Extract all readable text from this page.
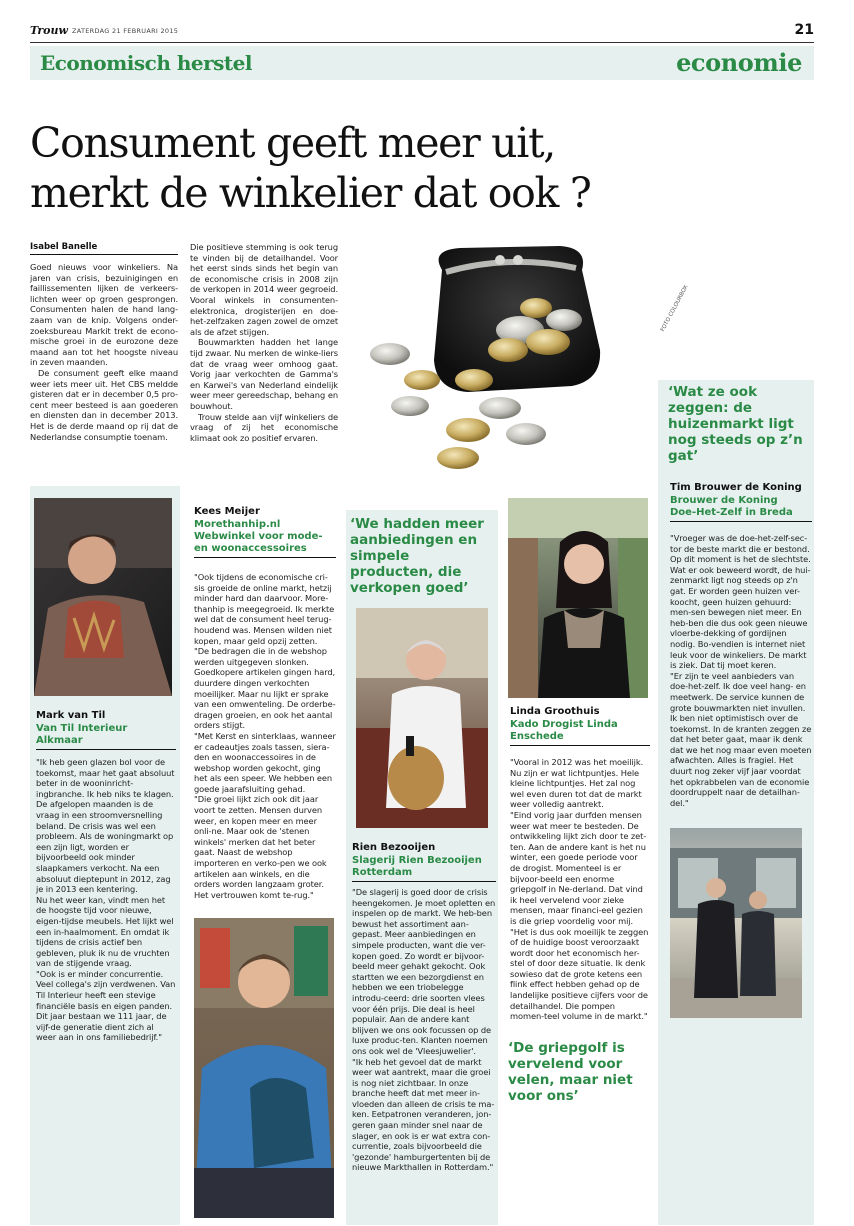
Trouw ZATERDAG 21 FEBRUARI 2015	21
Economisch herstel	economie
Consument geeft meer uit,
merkt de winkelier dat ook ?
Isabel Banelle

Goed nieuws voor winkeliers. Na jaren van crisis, bezuinigingen en faillissementen lijken de verkeers-lichten weer op groen gesprongen. Consumenten halen de hand lang-zaam van de knip. Volgens onder-zoeksbureau Markit trekt de econo-mische groei in de eurozone deze maand aan tot het hoogste niveau in zeven maanden.

De consument geeft elke maand weer iets meer uit. Het CBS meldde gisteren dat er in december 0,5 pro-cent meer besteed is aan goederen en diensten dan in december 2013. Het is de derde maand op rij dat de Nederlandse consumptie toenam.

Die positieve stemming is ook terug te vinden bij de detailhandel. Voor het eerst sinds sinds het begin van de economische crisis in 2008 zijn de verkopen in 2014 weer gegroeid. Vooral winkels in consumenten-elektronica, drogisterijen en doe-het-zelfzaken zagen zowel de omzet als de afzet stijgen.

Bouwmarkten hadden het lange tijd zwaar. Nu merken de winke-liers dat de vraag weer omhoog gaat. Vorig jaar verkochten de Gamma's en Karwei's van Nederland eindelijk weer meer gereedschap, behang en bouwhout.

Trouw stelde aan vijf winkeliers de vraag of zij het economische klimaat ook zo positief ervaren.

FOTO COLOURBOX
‘Wat ze ook zeggen: de huizenmarkt ligt nog steeds op z’n gat’
Tim Brouwer de Koning
Brouwer de Koning
Doe-Het-Zelf in Breda

"Vroeger was de doe-het-zelf-sec-tor de beste markt die er bestond. Op dit moment is het de slechtste. Wat er ook beweerd wordt, de hui-zenmarkt ligt nog steeds op z'n gat. Er worden geen huizen ver-koocht, geen huizen gehuurd: men-sen bewegen niet meer. En heb-ben die dus ook geen nieuwe vloerbe-dekking of gordijnen nodig. Bo-vendien is internet niet leuk voor de winkeliers. De markt is ziek. Dat tij moet keren.

"Er zijn te veel aanbieders van doe-het-zelf. Ik doe veel hang- en meetwerk. De service kunnen de grote bouwmarkten niet invullen. Ik ben niet optimistisch over de toekomst. In de kranten zeggen ze dat het beter gaat, maar ik denk dat we het nog maar even moeten afwachten. Alles is fragiel. Het duurt nog zeker vijf jaar voordat het opkrabbelen van de economie doordruppelt naar de detailhan-del."

Mark van Til
Van Til Interieur Alkmaar

"Ik heb geen glazen bol voor de toekomst, maar het gaat absoluut beter in de wooninricht-ingbranche. Ik heb niks te klagen. De afgelopen maanden is de vraag in een stroomversnelling beland. De crisis was wel een probleem. Als de woningmarkt op een zijn ligt, worden er bijvoorbeeld ook minder slaapkamers verkocht. Na een absoluut dieptepunt in 2012, zag je in 2013 een kentering.

Nu het weer kan, vindt men het de hoogste tijd voor nieuwe, eigen-tijdse meubels. Het lijkt wel een in-haalmoment. En omdat ik tijdens de crisis actief ben gebleven, pluk ik nu de vruchten van de stijgende vraag.

"Ook is er minder concurrentie. Veel collega's zijn verdwenen. Van Til Interieur heeft een stevige financiële basis en eigen panden. Dit jaar bestaan we 111 jaar, de vijf-de generatie dient zich al weer aan in ons familiebedrijf."

Kees Meijer
Morethanhip.nl
Webwinkel voor mode-
en woonaccessoires

"Ook tijdens de economische cri-sis groeide de online markt, hetzij minder hard dan daarvoor. More-thanhip is meegegroeid. Ik merkte wel dat de consument heel terug-houdend was. Mensen wilden niet kopen, maar geld opzij zetten.

"De bedragen die in de webshop werden uitgegeven slonken. Goedkopere artikelen gingen hard, duurdere dingen verkochten moeilijker. Maar nu lijkt er sprake van een omwenteling. De orderbe-dragen groeien, en ook het aantal orders stijgt.

"Met Kerst en sinterklaas, wanneer er cadeautjes zoals tassen, siera-den en woonaccessoires in de webshop worden gekocht, ging het als een speer. We hebben een goede jaarafsluiting gehad.

"Die groei lijkt zich ook dit jaar voort te zetten. Mensen durven weer, en kopen meer en meer onli-ne. Maar ook de 'stenen winkels' merken dat het beter gaat. Naast de webshop importeren en verko-pen we ook artikelen aan winkels, en die orders worden langzaam groter. Het vertrouwen komt te-rug."

‘We hadden meer aanbiedingen en simpele producten, die verkopen goed’
Rien Bezooijen
Slagerij Rien Bezooijen
Rotterdam

"De slagerij is goed door de crisis heengekomen. Je moet opletten en inspelen op de markt. We heb-ben bewust het assortiment aan-gepast. Meer aanbiedingen en simpele producten, want die ver-kopen goed. Zo wordt er bijvoor-beeld meer gehakt gekocht. Ook startten we een bezorgdienst en hebben we een triobelegge introdu-ceerd: drie soorten vlees voor één prijs. Die deal is heel populair. Aan de andere kant blijven we ons ook focussen op de luxe produc-ten. Klanten noemen ons ook wel de 'Vleesjuwelier'.

"Ik heb het gevoel dat de markt weer wat aantrekt, maar die groei is nog niet zichtbaar. In onze branche heeft dat met meer in-vloeden dan alleen de crisis te ma-ken. Eetpatronen veranderen, jon-geren gaan minder snel naar de slager, en ook is er wat extra con-currentie, zoals bijvoorbeeld die 'gezonde' hamburgertenten bij de nieuwe Markthallen in Rotterdam."

Linda Groothuis
Kado Drogist Linda
Enschede

"Vooral in 2012 was het moeilijk. Nu zijn er wat lichtpuntjes. Hele kleine lichtpuntjes. Het zal nog wel even duren tot dat de markt weer volledig aantrekt.

"Eind vorig jaar durfden mensen weer wat meer te besteden. De ontwikkeling lijkt zich door te zet-ten. Aan de andere kant is het nu winter, een goede periode voor de drogist. Momenteel is er bijvoor-beeld een enorme griepgolf in Ne-derland. Dat vind ik heel vervelend voor zieke mensen, maar financi-eel gezien is die griep voordelig voor mij.

"Het is dus ook moeilijk te zeggen of de huidige boost veroorzaakt wordt door het economisch her-stel of door deze situatie. Ik denk sowieso dat de grote ketens een flink effect hebben gehad op de landelijke positieve cijfers voor de detailhandel. Die pompen momen-teel volume in de markt."

‘De griepgolf is vervelend voor velen, maar niet voor ons’
